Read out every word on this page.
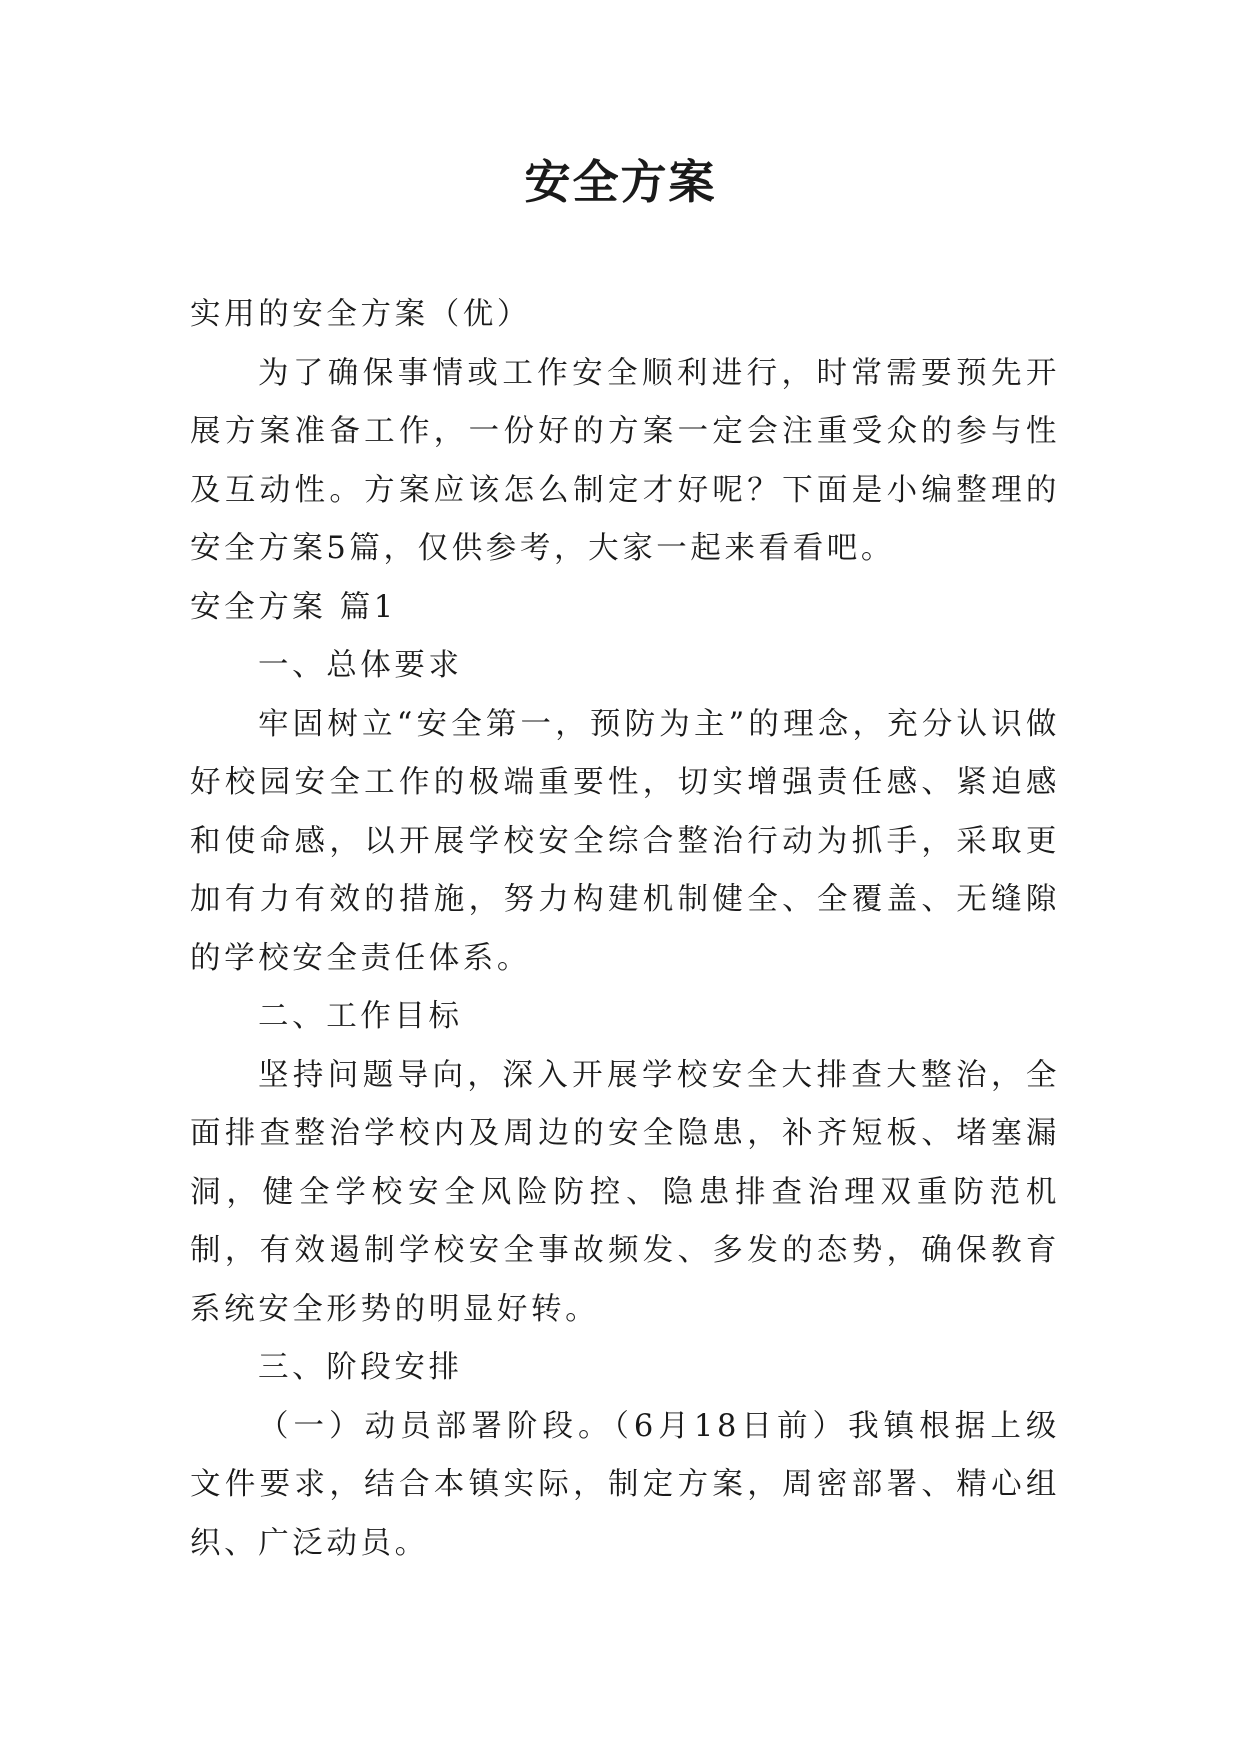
安全方案

实用的安全方案（优）

为了确保事情或工作安全顺利进行，时常需要预先开展方案准备工作，一份好的方案一定会注重受众的参与性及互动性。方案应该怎么制定才好呢？下面是小编整理的安全方案5篇，仅供参考，大家一起来看看吧。

安全方案 篇1

一、总体要求

牢固树立“安全第一，预防为主”的理念，充分认识做好校园安全工作的极端重要性，切实增强责任感、紧迫感和使命感，以开展学校安全综合整治行动为抓手，采取更加有力有效的措施，努力构建机制健全、全覆盖、无缝隙的学校安全责任体系。

二、工作目标

坚持问题导向，深入开展学校安全大排查大整治，全面排查整治学校内及周边的安全隐患，补齐短板、堵塞漏洞，健全学校安全风险防控、隐患排查治理双重防范机制，有效遏制学校安全事故频发、多发的态势，确保教育系统安全形势的明显好转。

三、阶段安排

（一）动员部署阶段。（6月18日前）我镇根据上级文件要求，结合本镇实际，制定方案，周密部署、精心组织、广泛动员。
